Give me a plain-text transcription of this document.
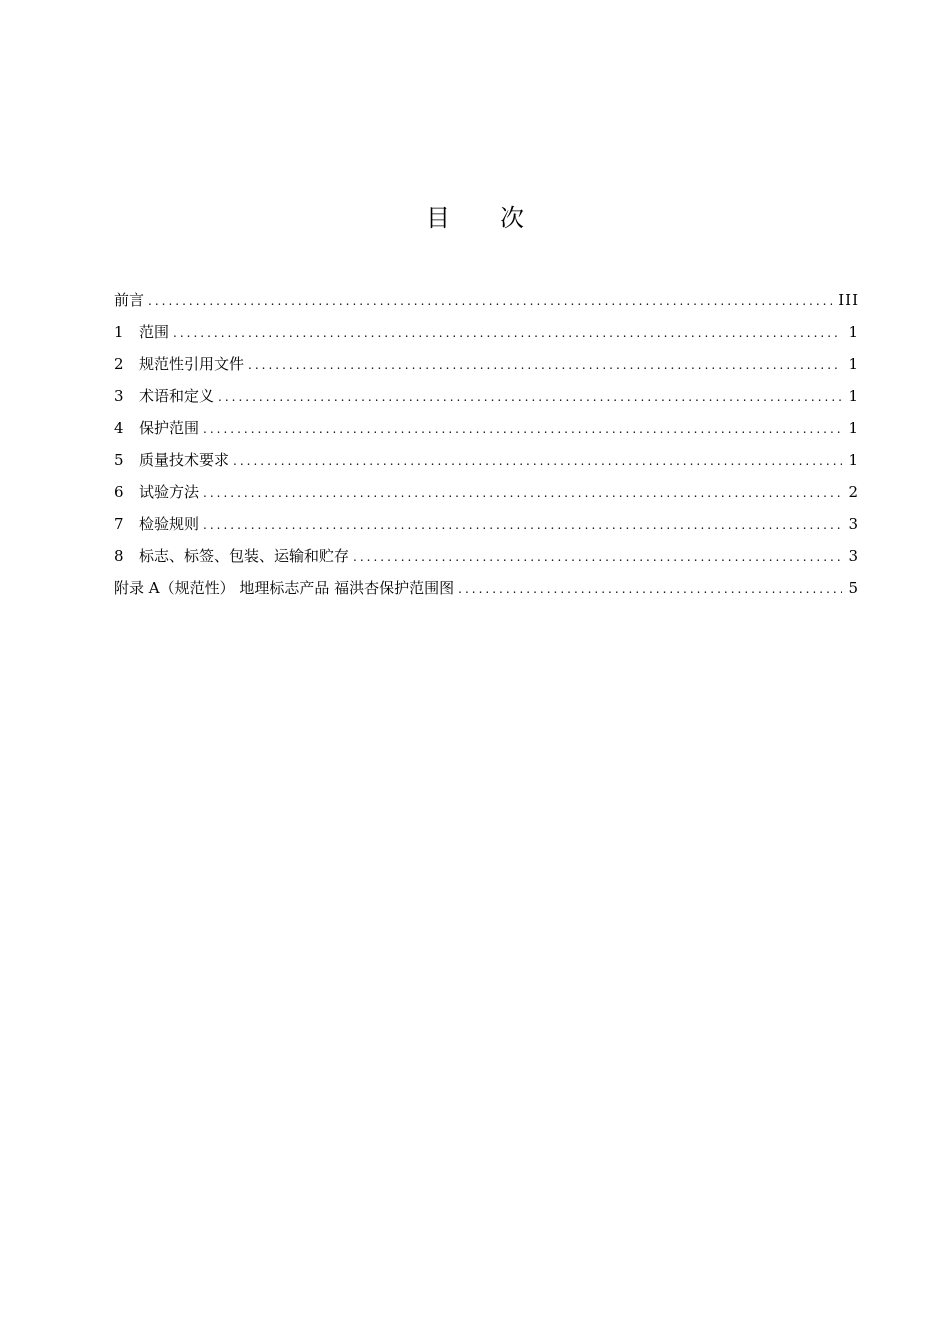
目 次
前言 .....	III
1	范围 .....	1
2	规范性引用文件 .....	1
3	术语和定义 .....	1
4	保护范围 .....	1
5	质量技术要求 .....	1
6	试验方法 .....	2
7	检验规则 .....	3
8	标志、标签、包装、运输和贮存 .....	3
附录 A（规范性） 地理标志产品 福洪杏保护范围图 .....	5
